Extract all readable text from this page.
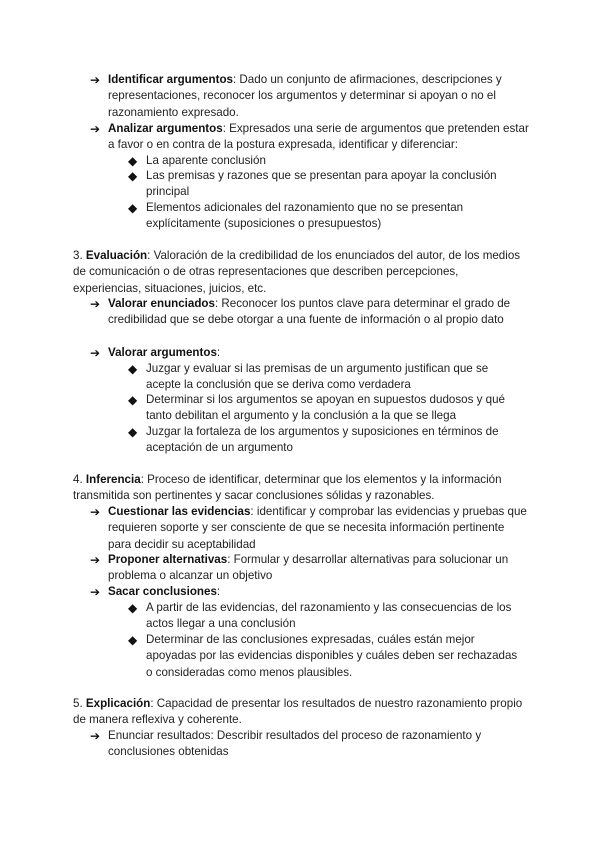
➔ Identificar argumentos: Dado un conjunto de afirmaciones, descripciones y representaciones, reconocer los argumentos y determinar si apoyan o no el razonamiento expresado.
➔ Analizar argumentos: Expresados una serie de argumentos que pretenden estar a favor o en contra de la postura expresada, identificar y diferenciar:
◆ La aparente conclusión
◆ Las premisas y razones que se presentan para apoyar la conclusión principal
◆ Elementos adicionales del razonamiento que no se presentan explícitamente (suposiciones o presupuestos)
3. Evaluación: Valoración de la credibilidad de los enunciados del autor, de los medios de comunicación o de otras representaciones que describen percepciones, experiencias, situaciones, juicios, etc.
➔ Valorar enunciados: Reconocer los puntos clave para determinar el grado de credibilidad que se debe otorgar a una fuente de información o al propio dato
➔ Valorar argumentos:
◆ Juzgar y evaluar si las premisas de un argumento justifican que se acepte la conclusión que se deriva como verdadera
◆ Determinar si los argumentos se apoyan en supuestos dudosos y qué tanto debilitan el argumento y la conclusión a la que se llega
◆ Juzgar la fortaleza de los argumentos y suposiciones en términos de aceptación de un argumento
4. Inferencia: Proceso de identificar, determinar que los elementos y la información transmitida son pertinentes y sacar conclusiones sólidas y razonables.
➔ Cuestionar las evidencias: identificar y comprobar las evidencias y pruebas que requieren soporte y ser consciente de que se necesita información pertinente para decidir su aceptabilidad
➔ Proponer alternativas: Formular y desarrollar alternativas para solucionar un problema o alcanzar un objetivo
➔ Sacar conclusiones:
◆ A partir de las evidencias, del razonamiento y las consecuencias de los actos llegar a una conclusión
◆ Determinar de las conclusiones expresadas, cuáles están mejor apoyadas por las evidencias disponibles y cuáles deben ser rechazadas o consideradas como menos plausibles.
5. Explicación: Capacidad de presentar los resultados de nuestro razonamiento propio de manera reflexiva y coherente.
➔ Enunciar resultados: Describir resultados del proceso de razonamiento y conclusiones obtenidas
